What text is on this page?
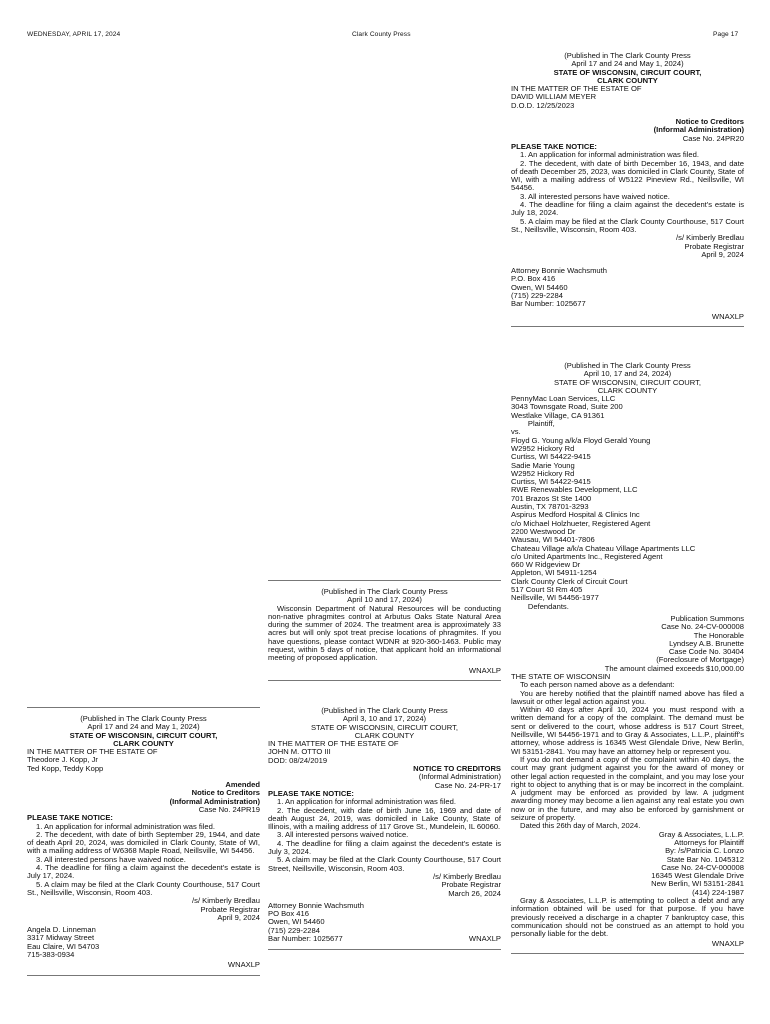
WEDNESDAY, APRIL 17, 2024	Clark County Press	Page 17
(Published in The Clark County Press
April 17 and 24 and May 1, 2024)
STATE OF WISCONSIN, CIRCUIT COURT,
CLARK COUNTY
IN THE MATTER OF THE ESTATE OF
DAVID WILLIAM MEYER
D.O.D. 12/25/2023
Notice to Creditors
(Informal Administration)
Case No. 24PR20
PLEASE TAKE NOTICE:
1. An application for informal administration was filed.
2. The decedent, with date of birth December 16, 1943, and date of death December 25, 2023, was domiciled in Clark County, State of WI, with a mailing address of W5122 Pineview Rd., Neillsville, WI 54456.
3. All interested persons have waived notice.
4. The deadline for filing a claim against the decedent's estate is July 18, 2024.
5. A claim may be filed at the Clark County Courthouse, 517 Court St., Neillsville, Wisconsin, Room 403.
/s/ Kimberly Bredlau
Probate Registrar
April 9, 2024
Attorney Bonnie Wachsmuth
P.O. Box 416
Owen, WI 54460
(715) 229-2284
Bar Number: 1025677
WNAXLP
(Published in The Clark County Press
April 10, 17 and 24, 2024)
STATE OF WISCONSIN, CIRCUIT COURT,
CLARK COUNTY
PennyMac Loan Services, LLC
3043 Townsgate Road, Suite 200
Westlake Village, CA 91361
Plaintiff,
vs.
Floyd G. Young a/k/a Floyd Gerald Young
W2952 Hickory Rd
Curtiss, WI 54422-9415
Sadie Marie Young
W2952 Hickory Rd
Curtiss, WI 54422-9415
RWE Renewables Development, LLC
701 Brazos St Ste 1400
Austin, TX 78701-3293
Aspirus Medford Hospital & Clinics Inc
c/o Michael Holzhueter, Registered Agent
2200 Westwood Dr
Wausau, WI 54401-7806
Chateau Village a/k/a Chateau Village Apartments LLC
c/o United Apartments Inc., Registered Agent
660 W Ridgeview Dr
Appleton, WI 54911-1254
Clark County Clerk of Circuit Court
517 Court St Rm 405
Neillsville, WI 54456-1977
Defendants.
Publication Summons
Case No. 24-CV-000008
The Honorable
Lyndsey A.B. Brunette
Case Code No. 30404
(Foreclosure of Mortgage)
The amount claimed exceeds $10,000.00
THE STATE OF WISCONSIN
To each person named above as a defendant:
You are hereby notified that the plaintiff named above has filed a lawsuit or other legal action against you.
Within 40 days after April 10, 2024 you must respond with a written demand for a copy of the complaint. The demand must be sent or delivered to the court, whose address is 517 Court Street, Neillsville, WI 54456-1971 and to Gray & Associates, L.L.P., plaintiff's attorney, whose address is 16345 West Glendale Drive, New Berlin, WI 53151-2841. You may have an attorney help or represent you.
If you do not demand a copy of the complaint within 40 days, the court may grant judgment against you for the award of money or other legal action requested in the complaint, and you may lose your right to object to anything that is or may be incorrect in the complaint. A judgment may be enforced as provided by law. A judgment awarding money may become a lien against any real estate you own now or in the future, and may also be enforced by garnishment or seizure of property.
Dated this 26th day of March, 2024.
Gray & Associates, L.L.P.
Attorneys for Plaintiff
By: /s/Patricia C. Lonzo
State Bar No. 1045312
Case No. 24-CV-000008
16345 West Glendale Drive
New Berlin, WI 53151-2841
(414) 224-1987
Gray & Associates, L.L.P. is attempting to collect a debt and any information obtained will be used for that purpose. If you have previously received a discharge in a chapter 7 bankruptcy case, this communication should not be construed as an attempt to hold you personally liable for the debt.
WNAXLP
(Published in The Clark County Press
April 10 and 17, 2024)
Wisconsin Department of Natural Resources will be conducting non-native phragmites control at Arbutus Oaks State Natural Area during the summer of 2024. The treatment area is approximately 33 acres but will only spot treat precise locations of phragmites. If you have questions, please contact WDNR at 920-360-1463. Public may request, within 5 days of notice, that applicant hold an informational meeting of proposed application.
WNAXLP
(Published in The Clark County Press
April 3, 10 and 17, 2024)
STATE OF WISCONSIN, CIRCUIT COURT,
CLARK COUNTY
IN THE MATTER OF THE ESTATE OF
JOHN M. OTTO III
DOD: 08/24/2019
NOTICE TO CREDITORS
(Informal Administration)
Case No. 24-PR-17
PLEASE TAKE NOTICE:
1. An application for informal administration was filed.
2. The decedent, with date of birth June 16, 1969 and date of death August 24, 2019, was domiciled in Lake County, State of Illinois, with a mailing address of 117 Grove St., Mundelein, IL 60060.
3. All interested persons waived notice.
4. The deadline for filing a claim against the decedent's estate is July 3, 2024.
5. A claim may be filed at the Clark County Courthouse, 517 Court Street, Neillsville, Wisconsin, Room 403.
/s/ Kimberly Bredlau
Probate Registrar
March 26, 2024
Attorney Bonnie Wachsmuth
PO Box 416
Owen, WI 54460
(715) 229-2284
Bar Number: 1025677	WNAXLP
(Published in The Clark County Press
April 17 and 24 and May 1, 2024)
STATE OF WISCONSIN, CIRCUIT COURT,
CLARK COUNTY
IN THE MATTER OF THE ESTATE OF
Theodore J. Kopp, Jr
Ted Kopp, Teddy Kopp
Amended
Notice to Creditors
(Informal Administration)
Case No. 24PR19
PLEASE TAKE NOTICE:
1. An application for informal administration was filed.
2. The decedent, with date of birth September 29, 1944, and date of death April 20, 2024, was domiciled in Clark County, State of WI, with a mailing address of W6368 Maple Road, Neillsville, WI 54456.
3. All interested persons have waived notice.
4. The deadline for filing a claim against the decedent's estate is July 17, 2024.
5. A claim may be filed at the Clark County Courthouse, 517 Court St., Neillsville, Wisconsin, Room 403.
/s/ Kimberly Bredlau
Probate Registrar
April 9, 2024
Angela D. Linneman
3317 Midway Street
Eau Claire, WI 54703
715-383-0934
WNAXLP
